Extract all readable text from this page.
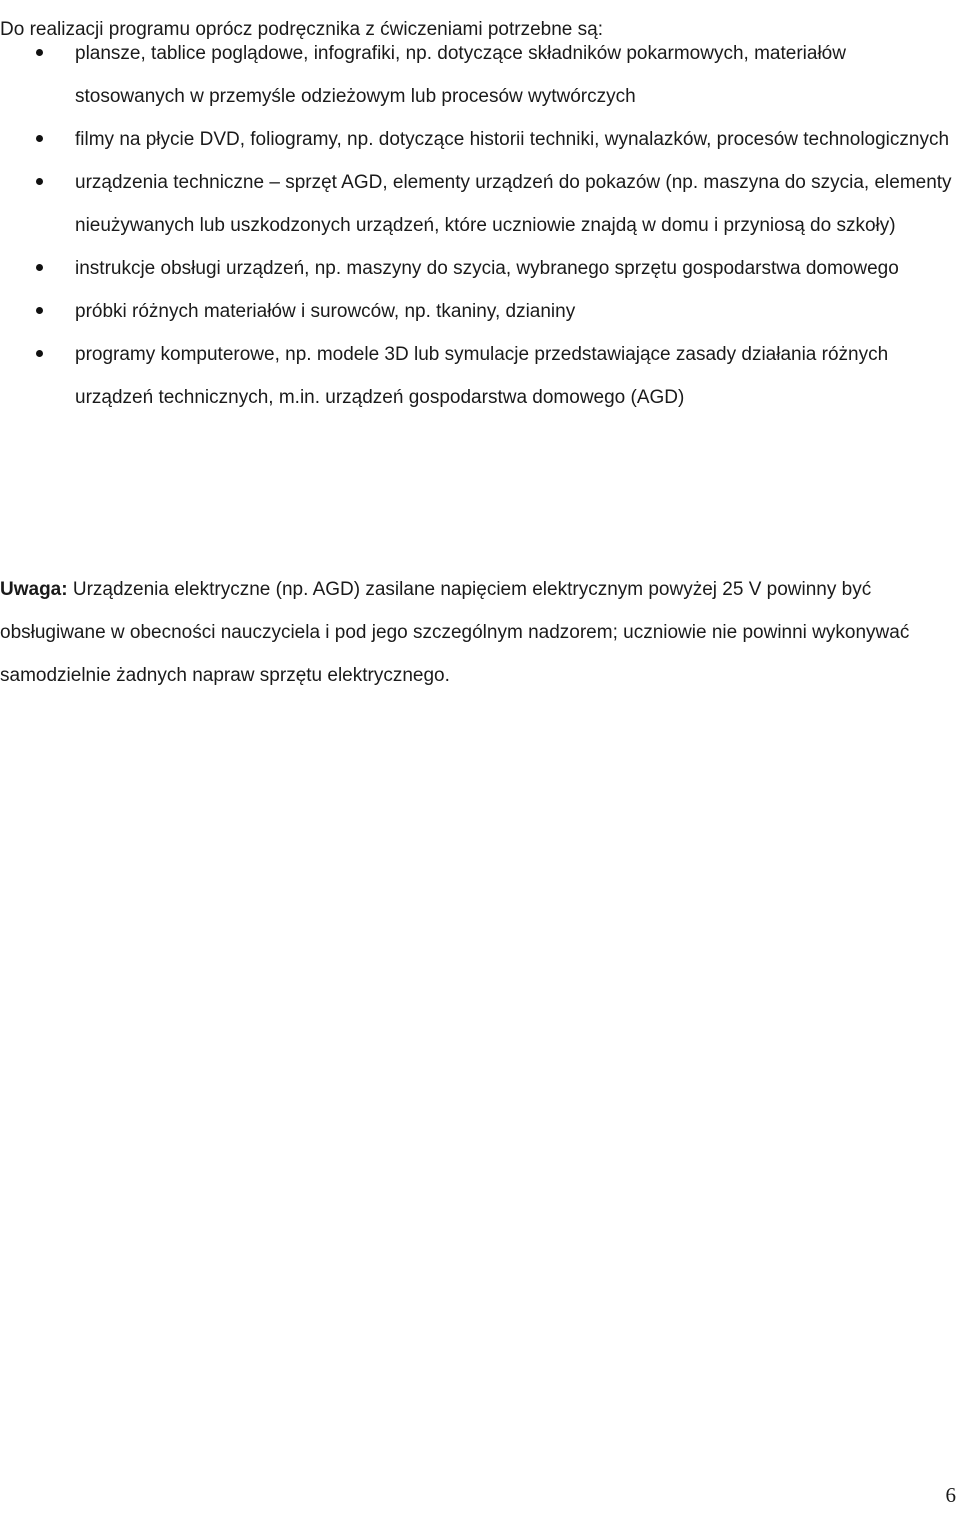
Do realizacji programu oprócz podręcznika z ćwiczeniami potrzebne są:

plansze, tablice poglądowe, infografiki, np. dotyczące składników pokarmowych, materiałów stosowanych w przemyśle odzieżowym lub procesów wytwórczych
filmy na płycie DVD, foliogramy, np. dotyczące historii techniki, wynalazków, procesów technologicznych
urządzenia techniczne – sprzęt AGD, elementy urządzeń do pokazów (np. maszyna do szycia, elementy nieużywanych lub uszkodzonych urządzeń, które uczniowie znajdą w domu i przyniosą do szkoły)
instrukcje obsługi urządzeń, np. maszyny do szycia, wybranego sprzętu gospodarstwa domowego
próbki różnych materiałów i surowców, np. tkaniny, dzianiny
programy komputerowe, np. modele 3D lub symulacje przedstawiające zasady działania różnych urządzeń technicznych, m.in. urządzeń gospodarstwa domowego (AGD)

Uwaga: Urządzenia elektryczne (np. AGD) zasilane napięciem elektrycznym powyżej 25 V powinny być obsługiwane w obecności nauczyciela i pod jego szczególnym nadzorem; uczniowie nie powinni wykonywać samodzielnie żadnych napraw sprzętu elektrycznego.

6
